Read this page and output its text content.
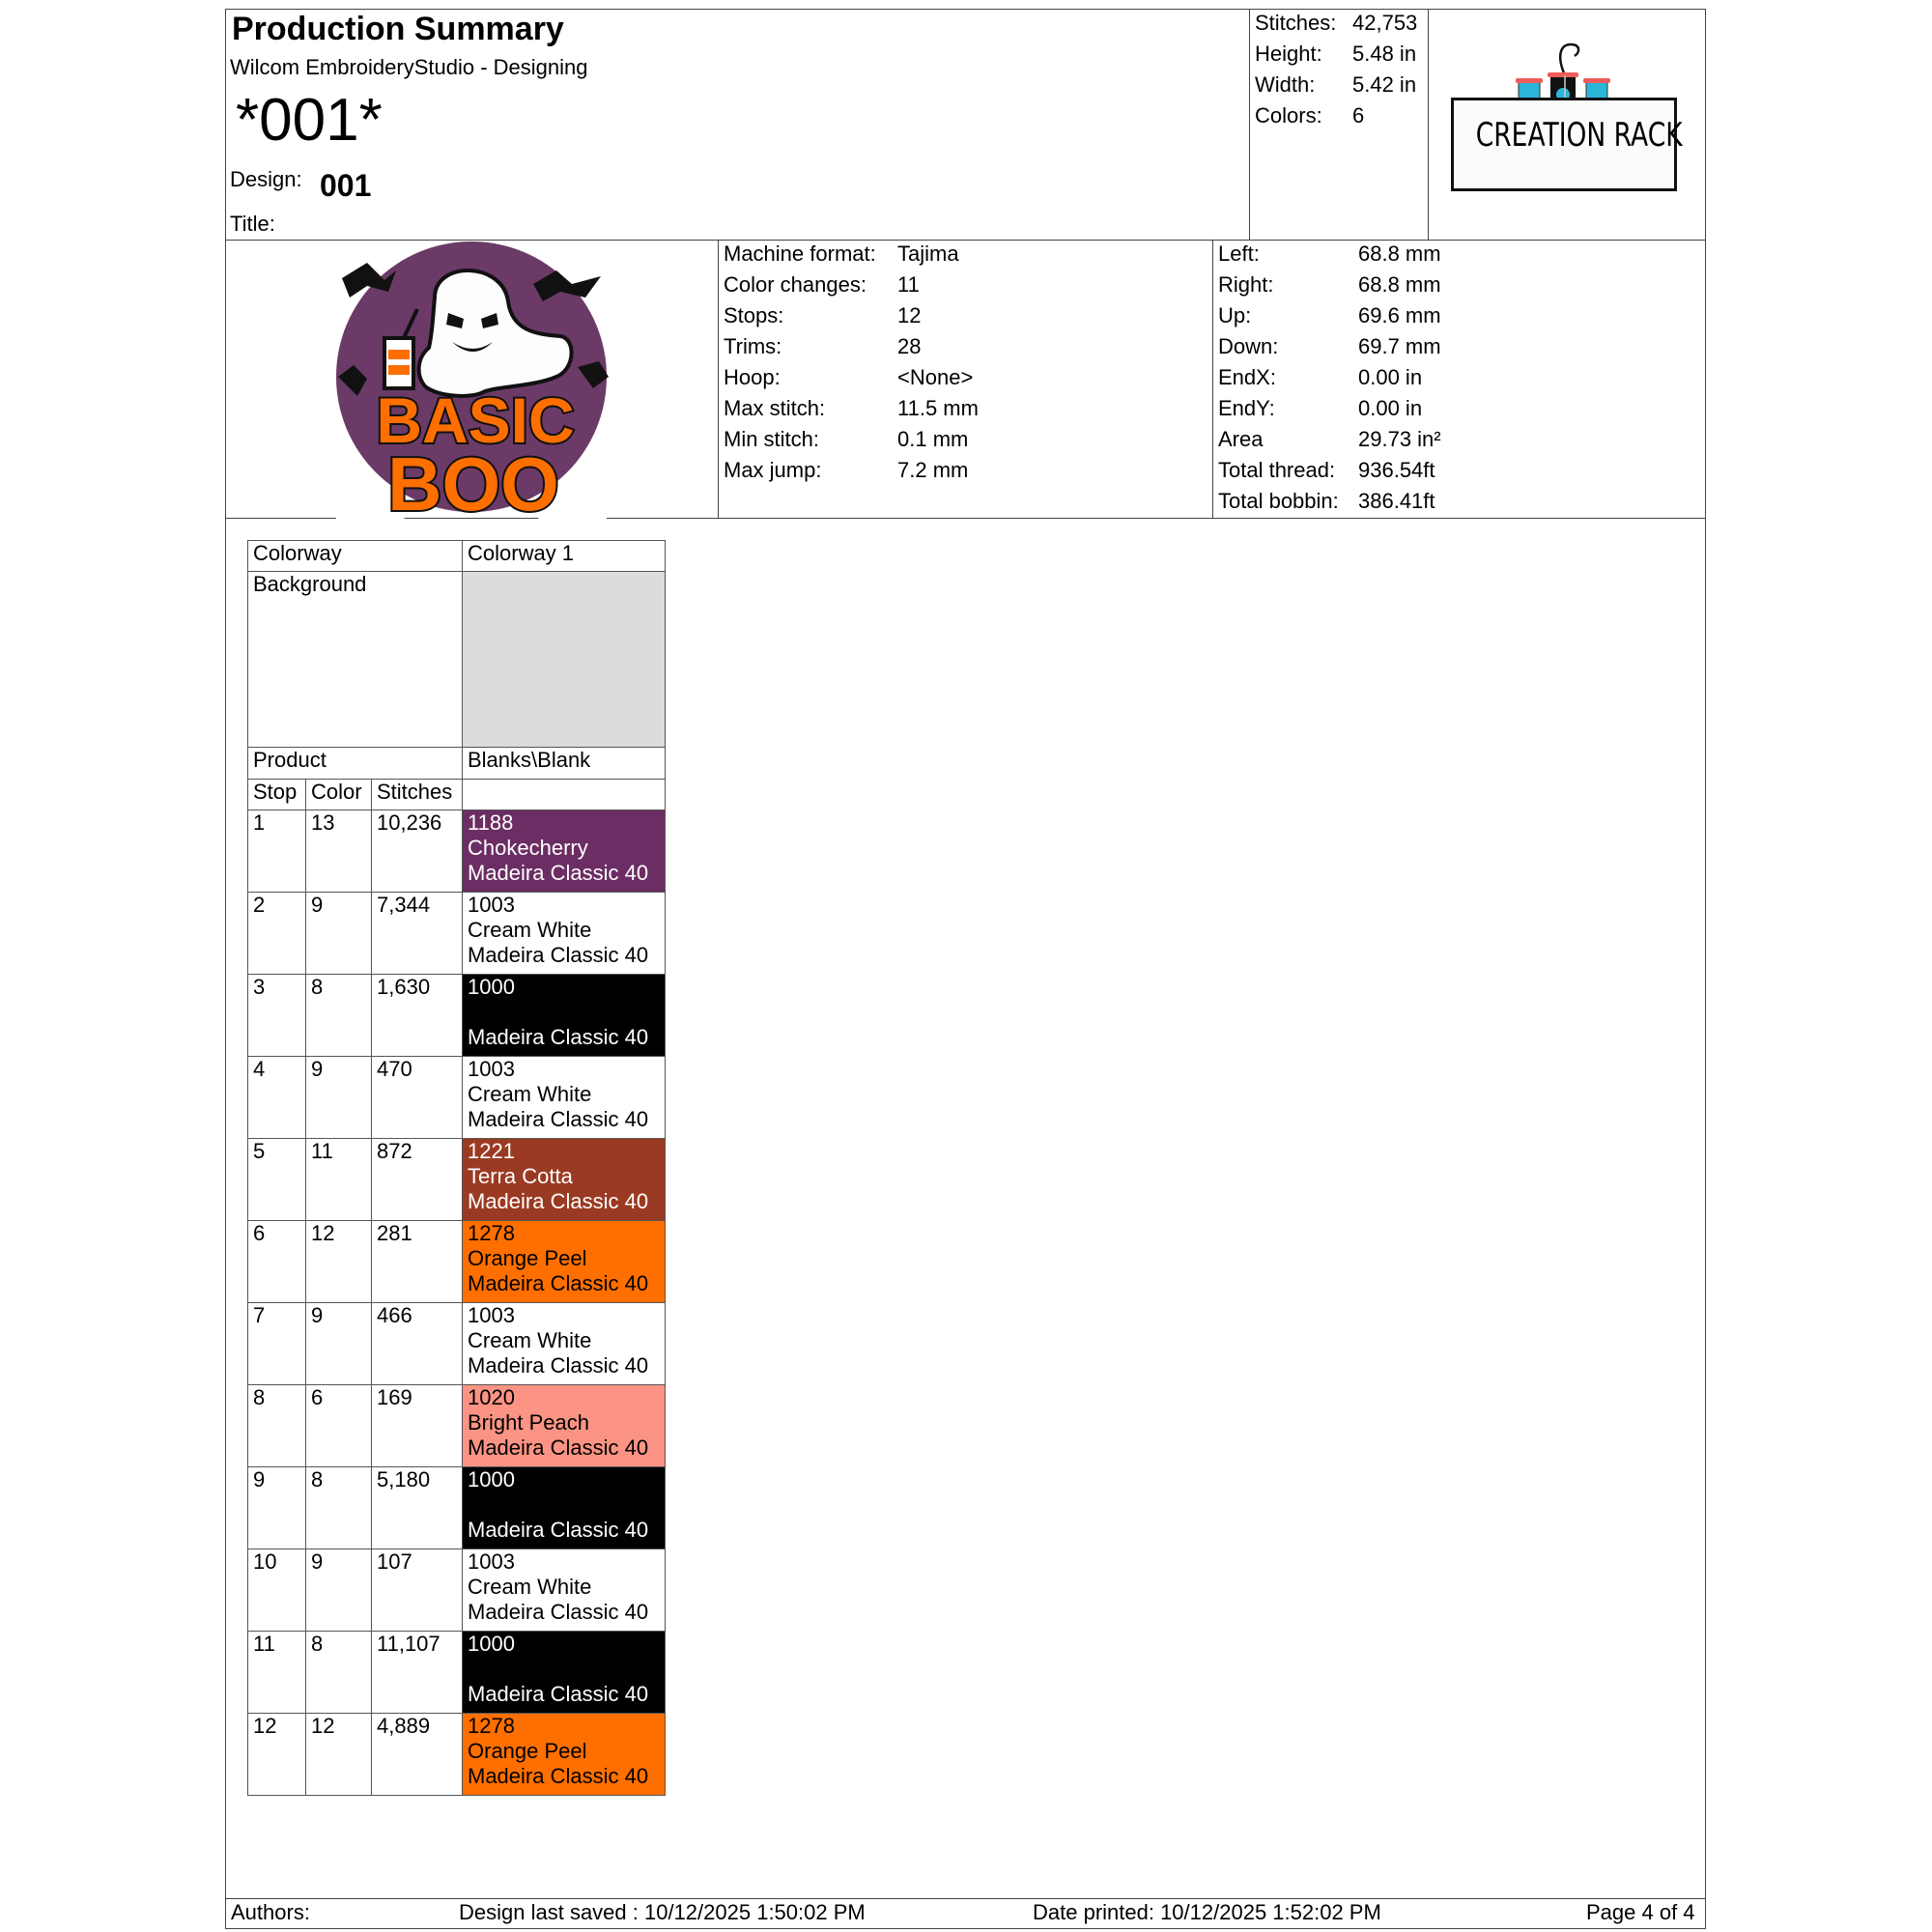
Production Summary
Wilcom EmbroideryStudio - Designing
*001*
Design: 001
Title:
Stitches: 42,753
Height: 5.48 in
Width: 5.42 in
Colors: 6
CREATION RACK
BASIC
BOO
Machine format: Tajima
Color changes: 11
Stops:	12
Trims:	28
Hoop:	<None>
Max stitch:	11.5 mm
Min stitch:	0.1 mm
Max jump:	7.2 mm
Left:	68.8 mm
Right:	68.8 mm
Up:	69.6 mm
Down:	69.7 mm
EndX:	0.00 in
EndY:	0.00 in
Area	29.73 in²
Total thread: 936.54ft
Total bobbin: 386.41ft
Colorway			Colorway 1
Background			
Product			Blanks\Blank
Stop	Color	Stitches	
1	13	10,236	1188
Chokecherry
Madeira Classic 40

2	9	7,344	1003
Cream White
Madeira Classic 40

3	8	1,630	1000
Madeira Classic 40

4	9	470	1003
Cream White
Madeira Classic 40

5	11	872	1221
Terra Cotta
Madeira Classic 40

6	12	281	1278
Orange Peel
Madeira Classic 40

7	9	466	1003
Cream White
Madeira Classic 40

8	6	169	1020
Bright Peach
Madeira Classic 40

9	8	5,180	1000
Madeira Classic 40

10	9	107	1003
Cream White
Madeira Classic 40

11	8	11,107	1000
Madeira Classic 40

12	12	4,889	1278
Orange Peel
Madeira Classic 40
Authors:	Design last saved : 10/12/2025 1:50:02 PM	Date printed: 10/12/2025 1:52:02 PM	Page 4 of 4
